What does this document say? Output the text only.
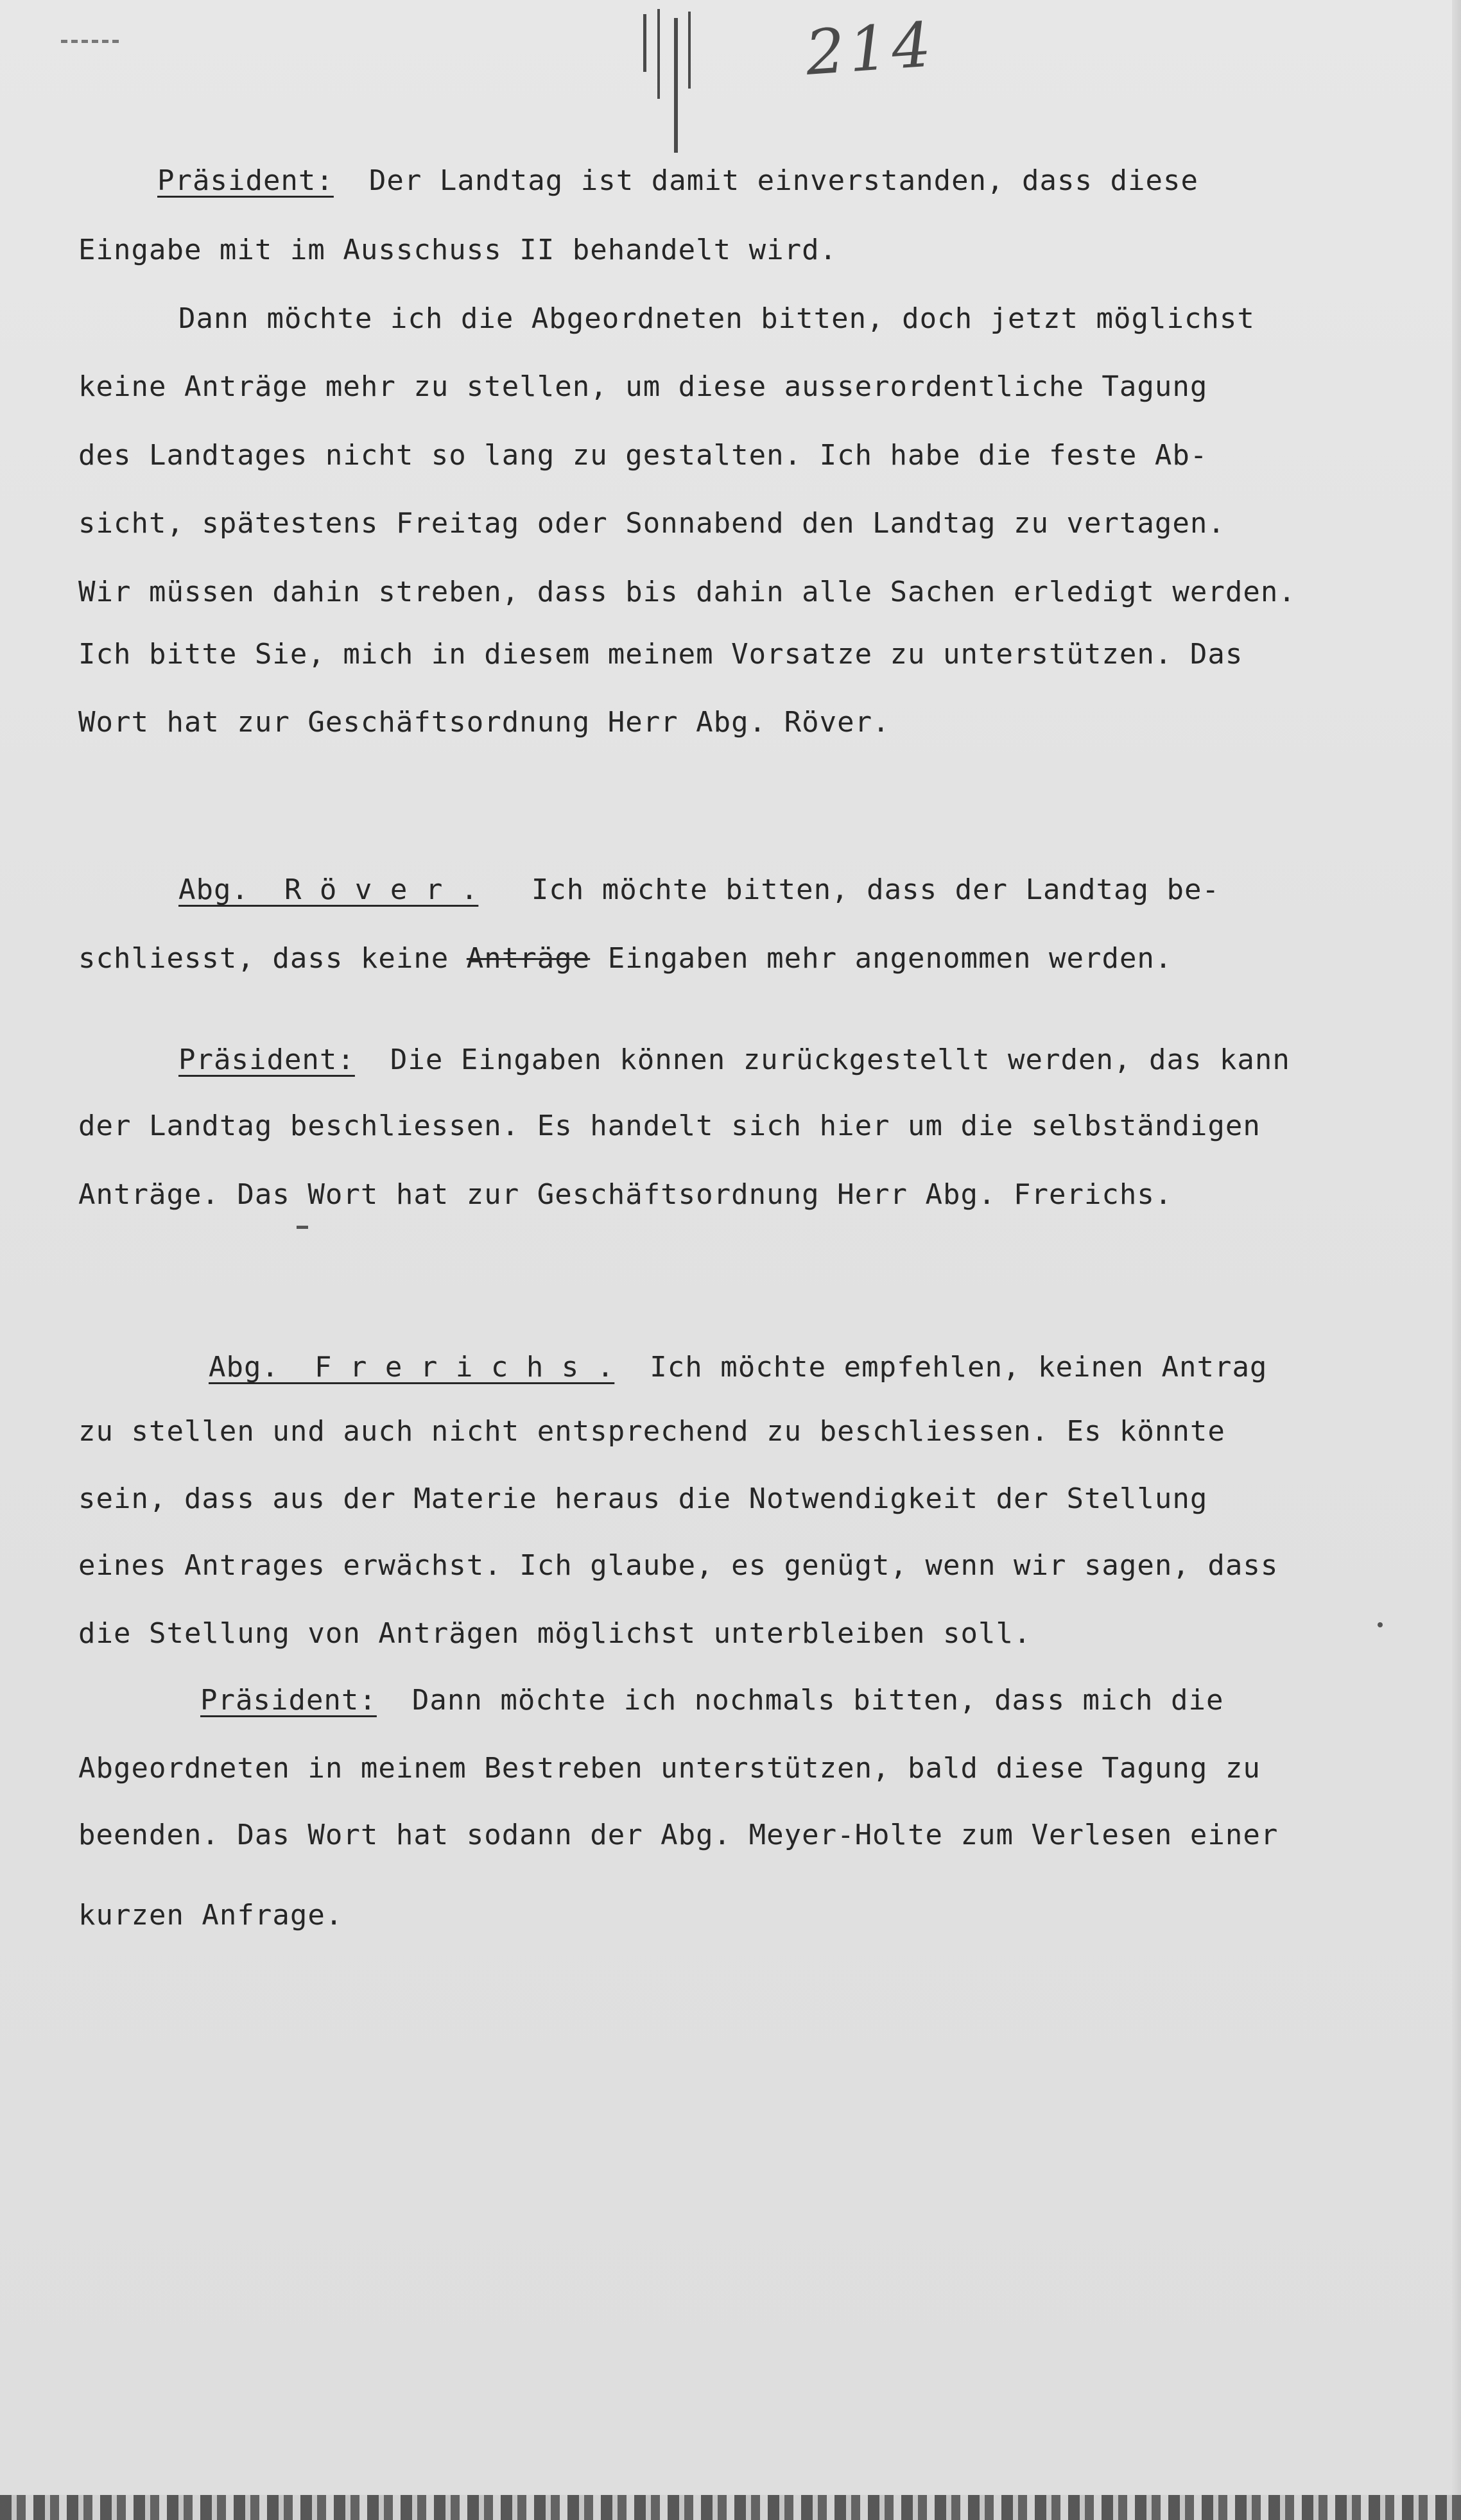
214
Präsident:  Der Landtag ist damit einverstanden, dass diese
Eingabe mit im Ausschuss II behandelt wird.
Dann möchte ich die Abgeordneten bitten, doch jetzt möglichst
keine Anträge mehr zu stellen, um diese ausserordentliche Tagung
des Landtages nicht so lang zu gestalten. Ich habe die feste Ab-
sicht, spätestens Freitag oder Sonnabend den Landtag zu vertagen.
Wir müssen dahin streben, dass bis dahin alle Sachen erledigt werden.
Ich bitte Sie, mich in diesem meinem Vorsatze zu unterstützen. Das
Wort hat zur Geschäftsordnung Herr Abg. Röver.
Abg.  R ö v e r .   Ich möchte bitten, dass der Landtag be-
schliesst, dass keine Anträge Eingaben mehr angenommen werden.
Präsident:  Die Eingaben können zurückgestellt werden, das kann
der Landtag beschliessen. Es handelt sich hier um die selbständigen
Anträge. Das Wort hat zur Geschäftsordnung Herr Abg. Frerichs.
Abg.  F r e r i c h s .  Ich möchte empfehlen, keinen Antrag
zu stellen und auch nicht entsprechend zu beschliessen. Es könnte
sein, dass aus der Materie heraus die Notwendigkeit der Stellung
eines Antrages erwächst. Ich glaube, es genügt, wenn wir sagen, dass
die Stellung von Anträgen möglichst unterbleiben soll.
Präsident:  Dann möchte ich nochmals bitten, dass mich die
Abgeordneten in meinem Bestreben unterstützen, bald diese Tagung zu
beenden. Das Wort hat sodann der Abg. Meyer-Holte zum Verlesen einer
kurzen Anfrage.
